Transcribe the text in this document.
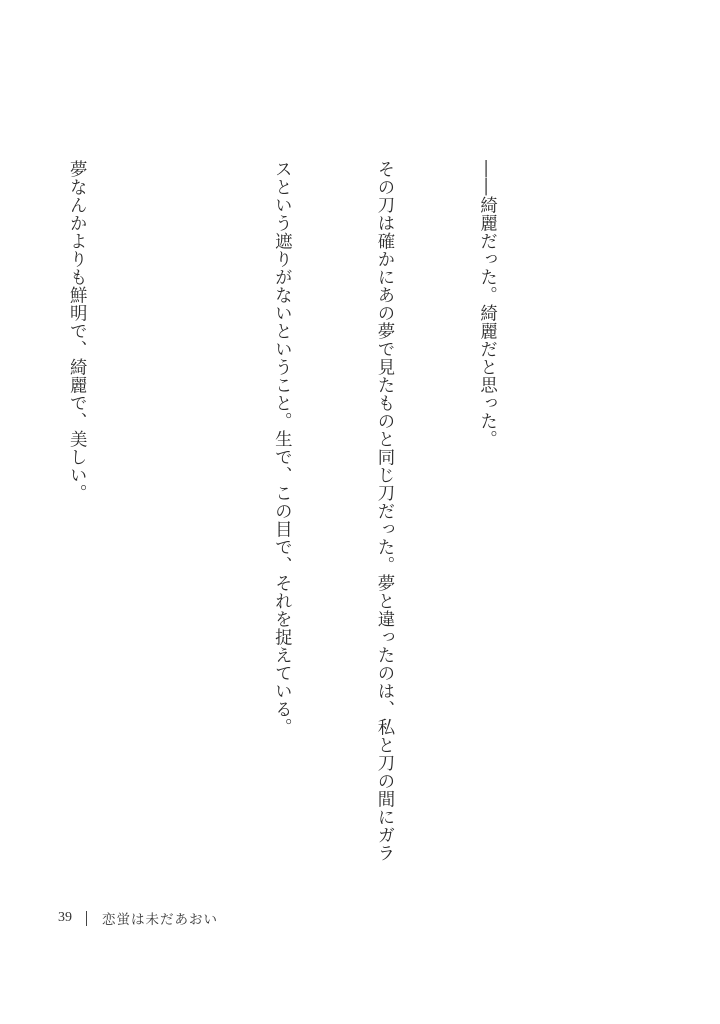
――綺麗だった。綺麗だと思った。

その刀は確かにあの夢で見たものと同じ刀だった。夢と違ったのは、私と刀の間にガラ

スという遮りがないということ。生で、この目で、それを捉えている。

夢なんかよりも鮮明で、綺麗で、美しい。

39 恋蛍は未だあおい
